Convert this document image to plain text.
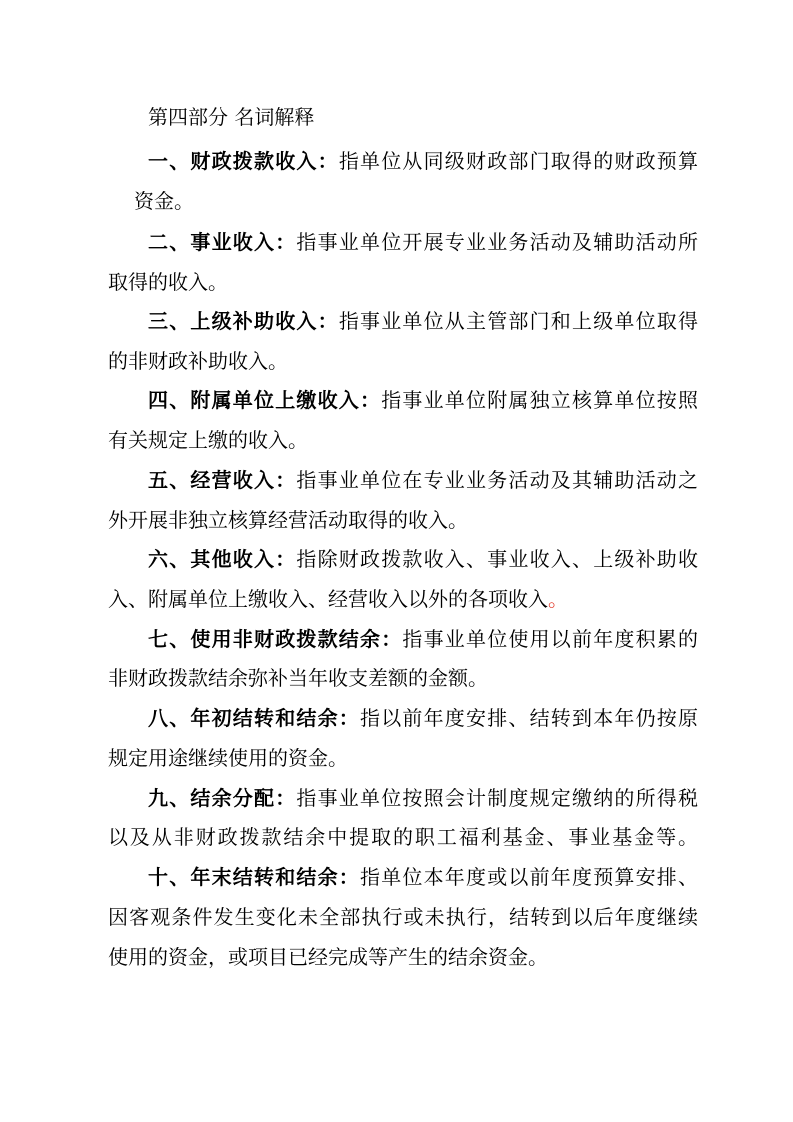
第四部分 名词解释
一、财政拨款收入：指单位从同级财政部门取得的财政预算
资金。
二、事业收入：指事业单位开展专业业务活动及辅助活动所
取得的收入。
三、上级补助收入：指事业单位从主管部门和上级单位取得
的非财政补助收入。
四、附属单位上缴收入：指事业单位附属独立核算单位按照
有关规定上缴的收入。
五、经营收入：指事业单位在专业业务活动及其辅助活动之
外开展非独立核算经营活动取得的收入。
六、其他收入：指除财政拨款收入、事业收入、上级补助收
入、附属单位上缴收入、经营收入以外的各项收入。
七、使用非财政拨款结余：指事业单位使用以前年度积累的
非财政拨款结余弥补当年收支差额的金额。
八、年初结转和结余：指以前年度安排、结转到本年仍按原
规定用途继续使用的资金。
九、结余分配：指事业单位按照会计制度规定缴纳的所得税
以及从非财政拨款结余中提取的职工福利基金、事业基金等。
十、年末结转和结余：指单位本年度或以前年度预算安排、
因客观条件发生变化未全部执行或未执行，结转到以后年度继续
使用的资金，或项目已经完成等产生的结余资金。
